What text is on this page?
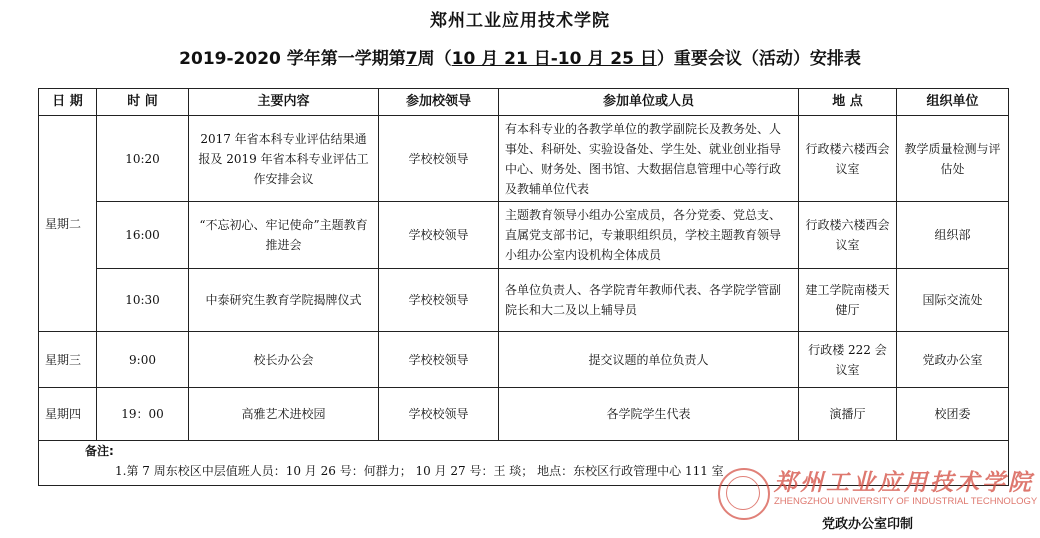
郑州工业应用技术学院
2019-2020 学年第一学期第7周（10 月 21 日-10 月 25 日）重要会议（活动）安排表
日 期	时 间	主要内容	参加校领导	参加单位或人员	地 点	组织单位
星期二	10:20	2017 年省本科专业评估结果通报及 2019 年省本科专业评估工作安排会议	学校校领导	有本科专业的各教学单位的教学副院长及教务处、人事处、科研处、实验设备处、学生处、就业创业指导中心、财务处、图书馆、大数据信息管理中心等行政及教辅单位代表	行政楼六楼西会议室	教学质量检测与评估处
	16:00	“不忘初心、牢记使命”主题教育推进会	学校校领导	主题教育领导小组办公室成员，各分党委、党总支、直属党支部书记，专兼职组织员，学校主题教育领导小组办公室内设机构全体成员	行政楼六楼西会议室	组织部
	10:30	中泰研究生教育学院揭牌仪式	学校校领导	各单位负责人、各学院青年教师代表、各学院学管副院长和大二及以上辅导员	建工学院南楼天健厅	国际交流处
星期三	9:00	校长办公会	学校校领导	提交议题的单位负责人	行政楼 222 会议室	党政办公室
星期四	19：00	高雅艺术进校园	学校校领导	各学院学生代表	演播厅	校团委

备注:
1.第 7 周东校区中层值班人员：10 月 26 号：何群力； 10 月 27 号：王 琰； 地点：东校区行政管理中心 111 室							郑州工业应用技术学院
ZHENGZHOU UNIVERSITY OF INDUSTRIAL TECHNOLOGY
党政办公室印制
